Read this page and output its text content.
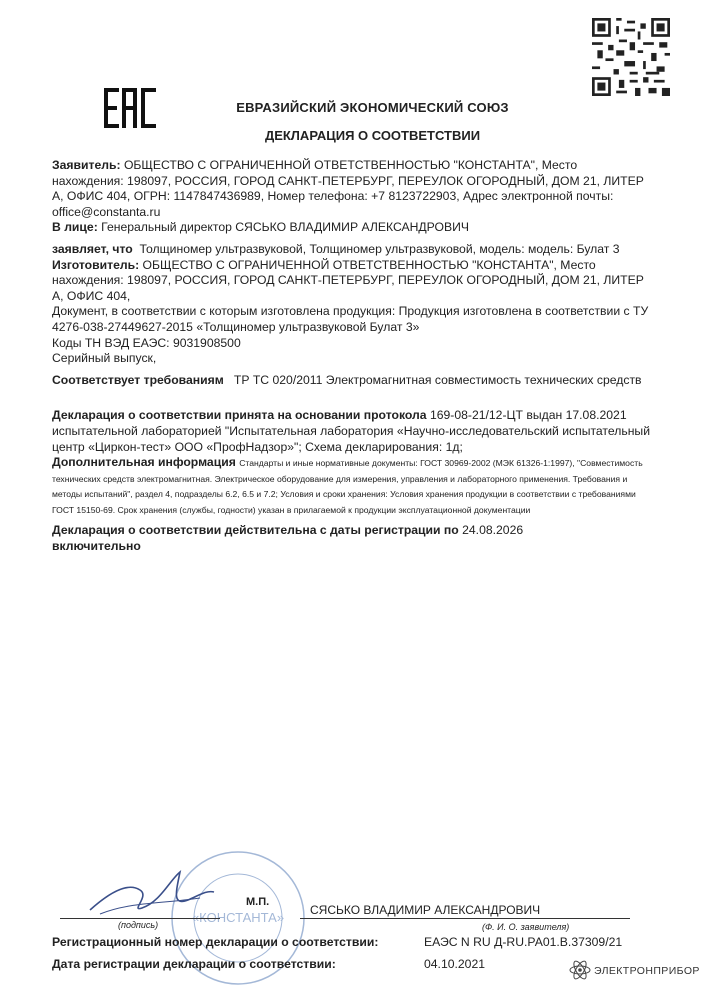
ЕВРАЗИЙСКИЙ ЭКОНОМИЧЕСКИЙ СОЮЗ
ДЕКЛАРАЦИЯ О СООТВЕТСТВИИ

Заявитель: ОБЩЕСТВО С ОГРАНИЧЕННОЙ ОТВЕТСТВЕННОСТЬЮ "КОНСТАНТА", Место нахождения: 198097, РОССИЯ, ГОРОД САНКТ-ПЕТЕРБУРГ, ПЕРЕУЛОК ОГОРОДНЫЙ, ДОМ 21, ЛИТЕР А, ОФИС 404, ОГРН: 1147847436989, Номер телефона: +7 8123722903, Адрес электронной почты: office@constanta.ru

В лице: Генеральный директор СЯСЬКО ВЛАДИМИР АЛЕКСАНДРОВИЧ

заявляет, что Толщиномер ультразвуковой, Толщиномер ультразвуковой, модель: модель: Булат 3

Изготовитель: ОБЩЕСТВО С ОГРАНИЧЕННОЙ ОТВЕТСТВЕННОСТЬЮ "КОНСТАНТА", Место нахождения: 198097, РОССИЯ, ГОРОД САНКТ-ПЕТЕРБУРГ, ПЕРЕУЛОК ОГОРОДНЫЙ, ДОМ 21, ЛИТЕР А, ОФИС 404,

Документ, в соответствии с которым изготовлена продукция: Продукция изготовлена в соответствии с ТУ 4276-038-27449627-2015 «Толщиномер ультразвуковой Булат 3»

Коды ТН ВЭД ЕАЭС: 9031908500

Серийный выпуск,

Соответствует требованиям ТР ТС 020/2011 Электромагнитная совместимость технических средств

Декларация о соответствии принята на основании протокола 169-08-21/12-ЦТ выдан 17.08.2021 испытательной лабораторией "Испытательная лаборатория «Научно-исследовательский испытательный центр «Циркон-тест» ООО «ПрофНадзор»"; Схема декларирования: 1д;

Дополнительная информация Стандарты и иные нормативные документы: ГОСТ 30969-2002 (МЭК 61326-1:1997), "Совместимость технических средств электромагнитная. Электрическое оборудование для измерения, управления и лабораторного применения. Требования и методы испытаний", раздел 4, подразделы 6.2, 6.5 и 7.2; Условия и сроки хранения: Условия хранения продукции в соответствии с требованиями ГОСТ 15150-69. Срок хранения (службы, годности) указан в прилагаемой к продукции эксплуатационной документации

Декларация о соответствии действительна с даты регистрации по 24.08.2026
включительно

«КОНСТАНТА»
М.П.
СЯСЬКО ВЛАДИМИР АЛЕКСАНДРОВИЧ
(подпись)	(Ф. И. О. заявителя)
Регистрационный номер декларации о соответствии:	ЕАЭС N RU Д-RU.РА01.В.37309/21
Дата регистрации декларации о соответствии:	04.10.2021	ЭЛЕКТРОНПРИБОР
